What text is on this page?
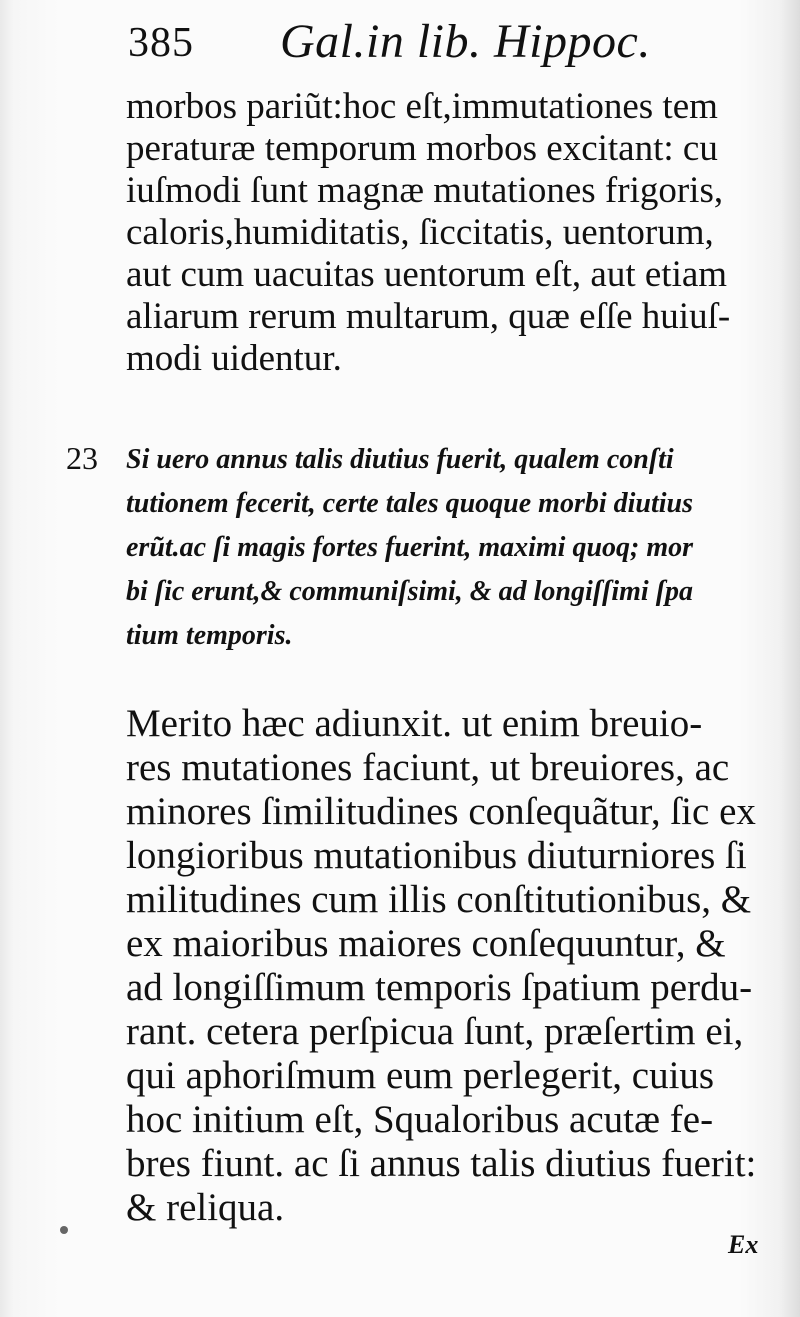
385 Gal.in lib. Hippoc.
morbos pariũt:hoc eſt,immutationes tem
peraturæ temporum morbos excitant: cu
iuſmodi ſunt magnæ mutationes frigoris,
caloris,humiditatis, ſiccitatis, uentorum,
aut cum uacuitas uentorum eſt, aut etiam
aliarum rerum multarum, quæ eſſe huiuſ-
modi uidentur.
23 Si uero annus talis diutius fuerit, qualem conſti
tutionem fecerit, certe tales quoque morbi diutius
erũt.ac ſi magis fortes fuerint, maximi quoq; mor
bi ſic erunt,& communiſsimi, & ad longiſſimi ſpa
tium temporis.
Merito hæc adiunxit. ut enim breuio-
res mutationes faciunt, ut breuiores, ac
minores ſimilitudines conſequãtur, ſic ex
longioribus mutationibus diuturniores ſi
militudines cum illis conſtitutionibus, &
ex maioribus maiores conſequuntur, &
ad longiſſimum temporis ſpatium perdu-
rant. cetera perſpicua ſunt, præſertim ei,
qui aphoriſmum eum perlegerit, cuius
hoc initium eſt, Squaloribus acutæ fe-
bres fiunt. ac ſi annus talis diutius fuerit:
& reliqua.
Ex
